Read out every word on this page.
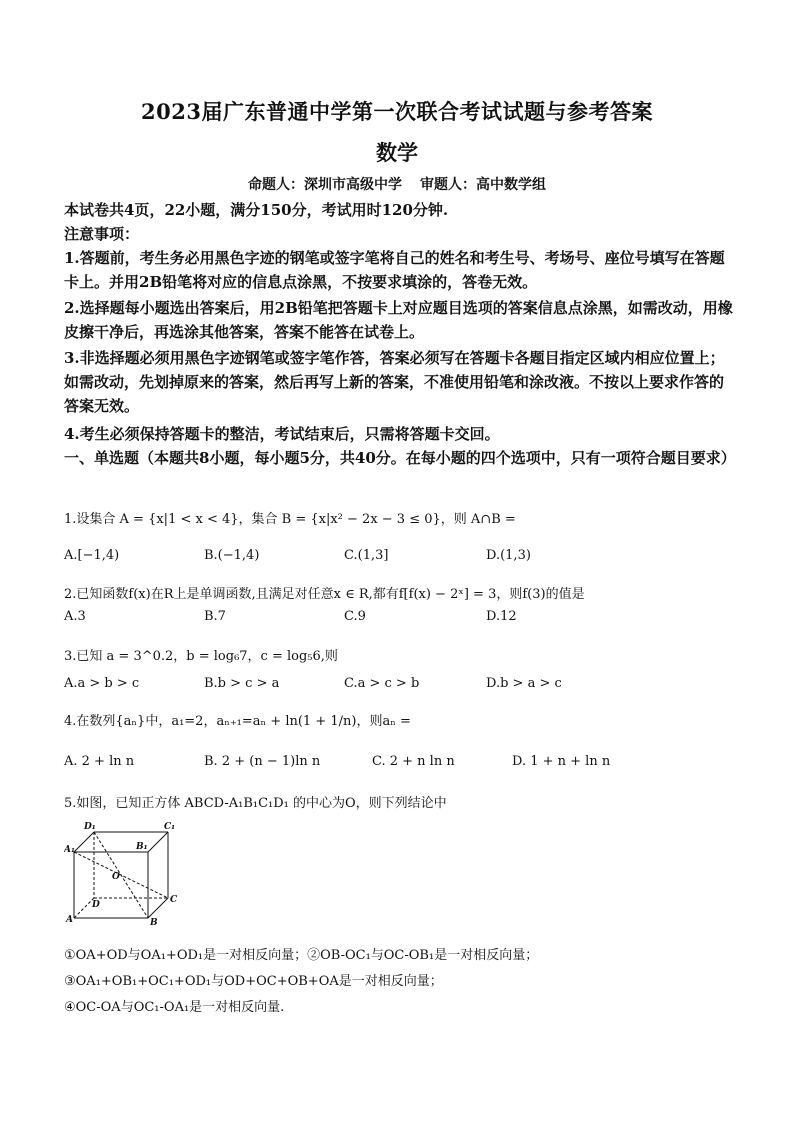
2023届广东普通中学第一次联合考试试题与参考答案
数学
命题人：深圳市高级中学 审题人：高中数学组
本试卷共4页，22小题，满分150分，考试用时120分钟.
注意事项：
1.答题前，考生务必用黑色字迹的钢笔或签字笔将自己的姓名和考生号、考场号、座位号填写在答题卡上。并用2B铅笔将对应的信息点涂黑，不按要求填涂的，答卷无效。
2.选择题每小题选出答案后，用2B铅笔把答题卡上对应题目选项的答案信息点涂黑，如需改动，用橡皮擦干净后，再选涂其他答案，答案不能答在试卷上。
3.非选择题必须用黑色字迹钢笔或签字笔作答，答案必须写在答题卡各题目指定区域内相应位置上；如需改动，先划掉原来的答案，然后再写上新的答案，不准使用铅笔和涂改液。不按以上要求作答的答案无效。
4.考生必须保持答题卡的整洁，考试结束后，只需将答题卡交回。
一、单选题（本题共8小题，每小题5分，共40分。在每小题的四个选项中，只有一项符合题目要求）
1.设集合 A = {x|1 < x < 4}，集合 B = {x|x² − 2x − 3 ≤ 0}，则 A∩B =
A.[−1,4)	B.(−1,4)	C.(1,3]	D.(1,3)
2.已知函数f(x)在R上是单调函数,且满足对任意x ∈ R,都有f[f(x) − 2ˣ] = 3，则f(3)的值是
A.3	B.7	C.9	D.12
3.已知 a = 3^0.2，b = log₆7，c = log₅6,则
A.a > b > c	B.b > c > a	C.a > c > b	D.b > a > c
4.在数列{aₙ}中，a₁=2，aₙ₊₁=aₙ + ln(1 + 1/n)，则aₙ =
A. 2 + ln n	B. 2 + (n − 1)ln n	C. 2 + n ln n	D. 1 + n + ln n
5.如图，已知正方体 ABCD-A₁B₁C₁D₁ 的中心为O，则下列结论中
D₁	C₁
A₁	B₁
O
D	C
A	B
①OA+OD与OA₁+OD₁是一对相反向量；②OB-OC₁与OC-OB₁是一对相反向量；
③OA₁+OB₁+OC₁+OD₁与OD+OC+OB+OA是一对相反向量；
④OC-OA与OC₁-OA₁是一对相反向量.
